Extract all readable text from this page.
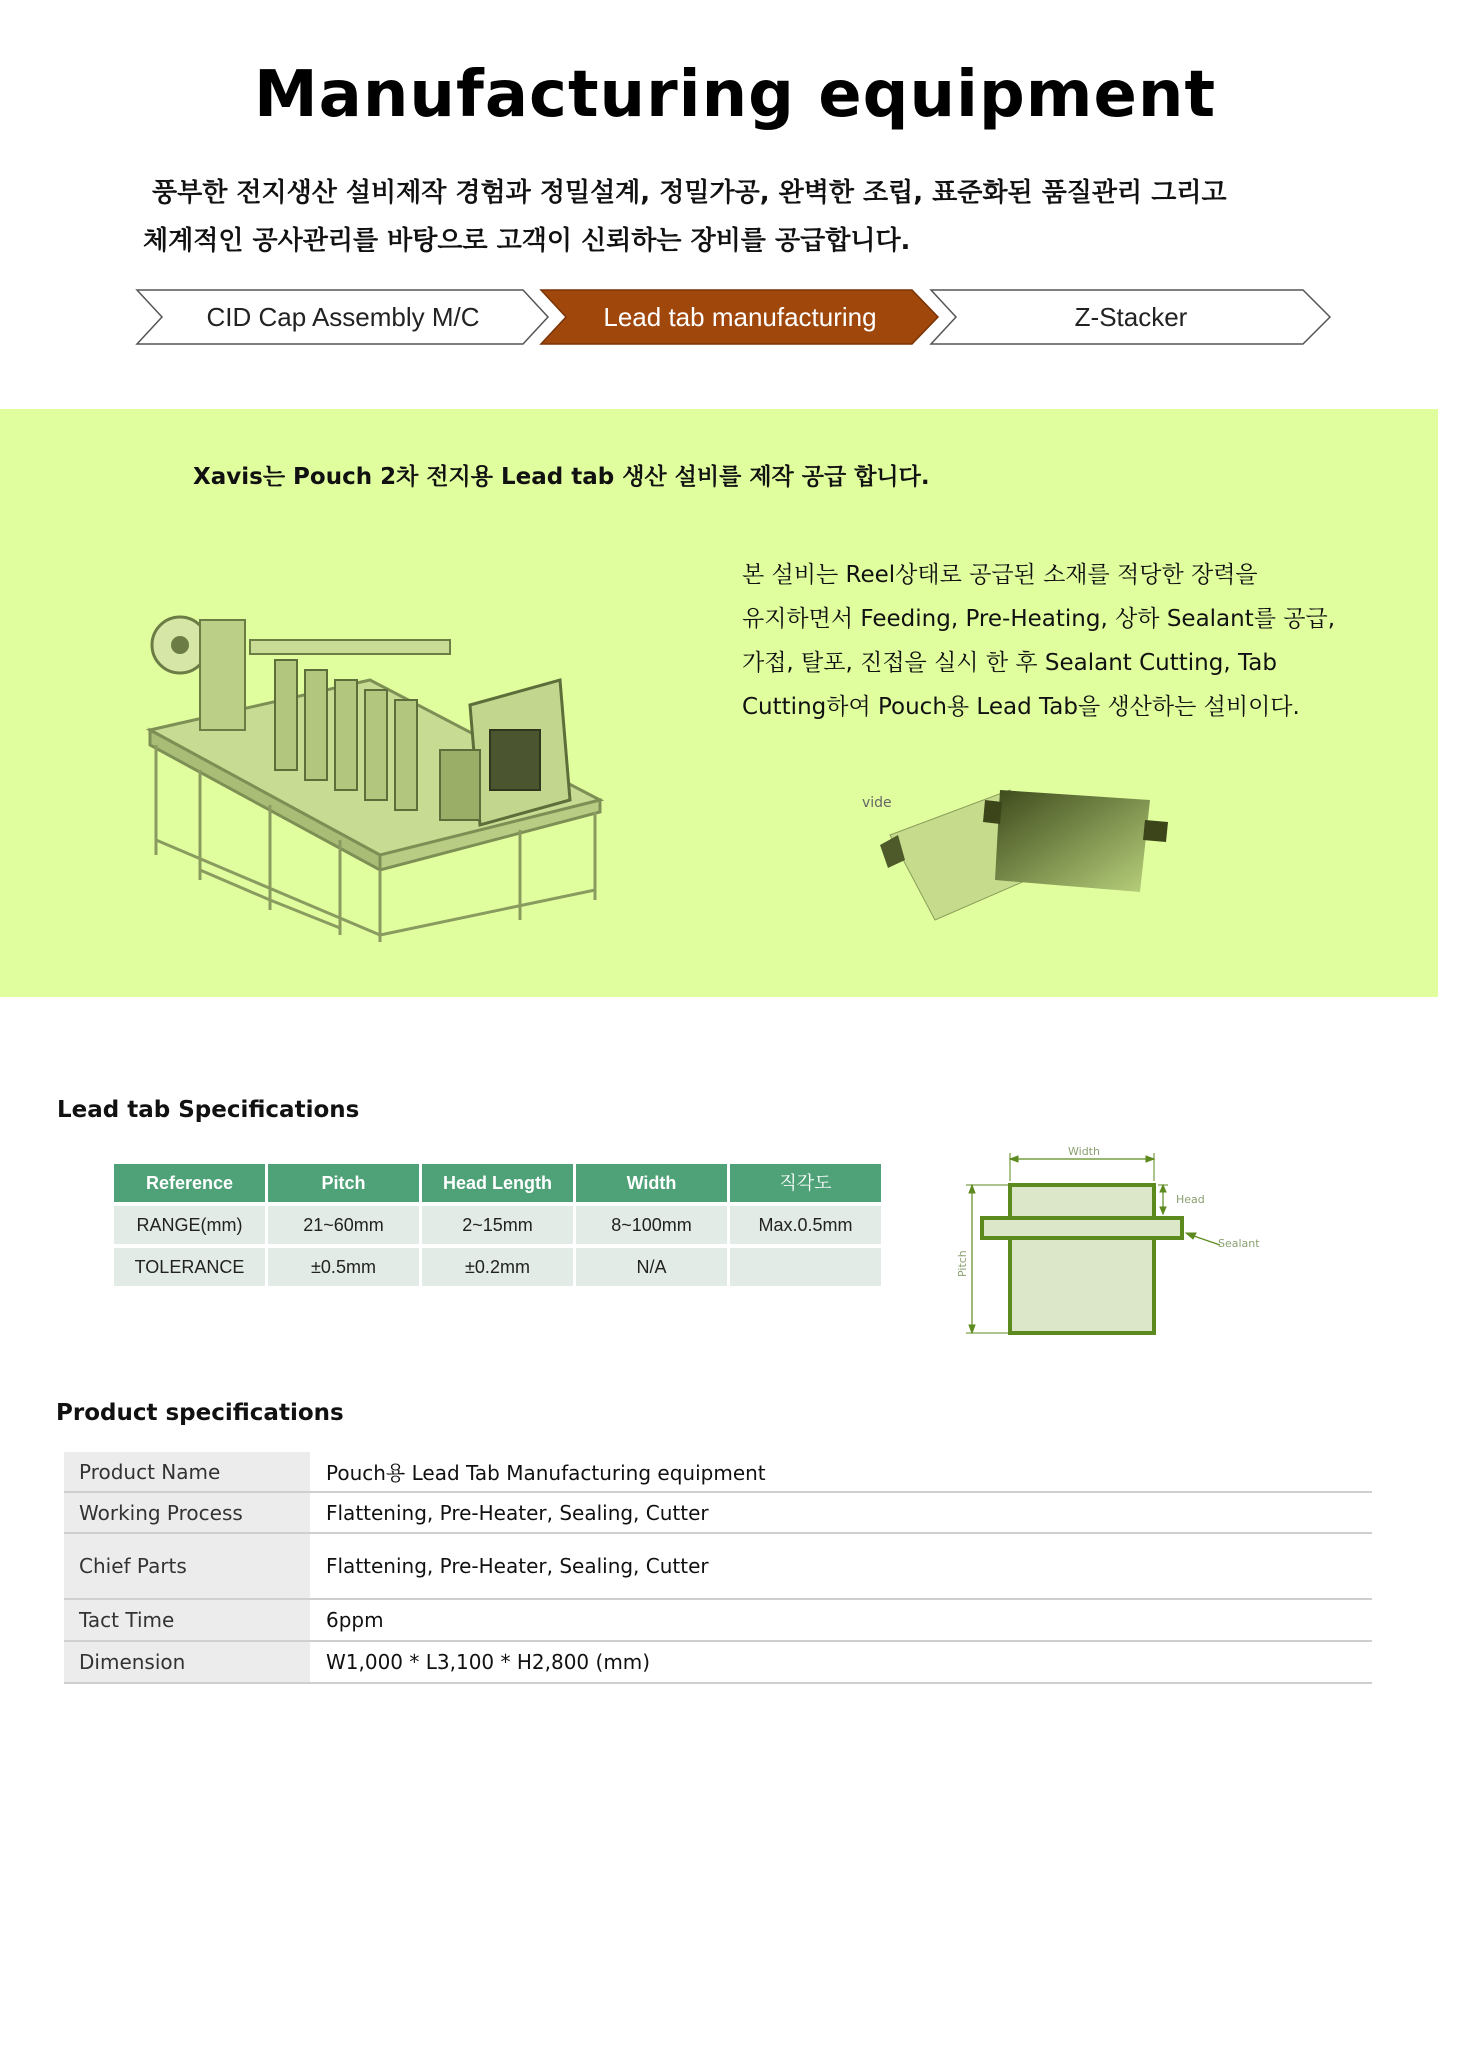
Manufacturing equipment
풍부한 전지생산 설비제작 경험과 정밀설계, 정밀가공, 완벽한 조립, 표준화된 품질관리 그리고
체계적인 공사관리를 바탕으로 고객이 신뢰하는 장비를 공급합니다.
CID Cap Assembly M/C	Lead tab manufacturing	Z-Stacker
Xavis는 Pouch 2차 전지용 Lead tab 생산 설비를 제작 공급 합니다.
본 설비는 Reel상태로 공급된 소재를 적당한 장력을
유지하면서 Feeding, Pre-Heating, 상하 Sealant를 공급,
가접, 탈포, 진접을 실시 한 후 Sealant Cutting, Tab
Cutting하여 Pouch용 Lead Tab을 생산하는 설비이다.
vide
Lead tab Specifications
Reference	Pitch	Head Length	Width	직각도
RANGE(mm)	21~60mm	2~15mm	8~100mm	Max.0.5mm
TOLERANCE	±0.5mm	±0.2mm	N/A
Width
Head
Sealant
Pitch
Product specifications
Product Name	Pouch용 Lead Tab Manufacturing equipment
Working Process	Flattening, Pre-Heater, Sealing, Cutter
Chief Parts	Flattening, Pre-Heater, Sealing, Cutter
Tact Time	6ppm
Dimension	W1,000 * L3,100 * H2,800 (mm)
